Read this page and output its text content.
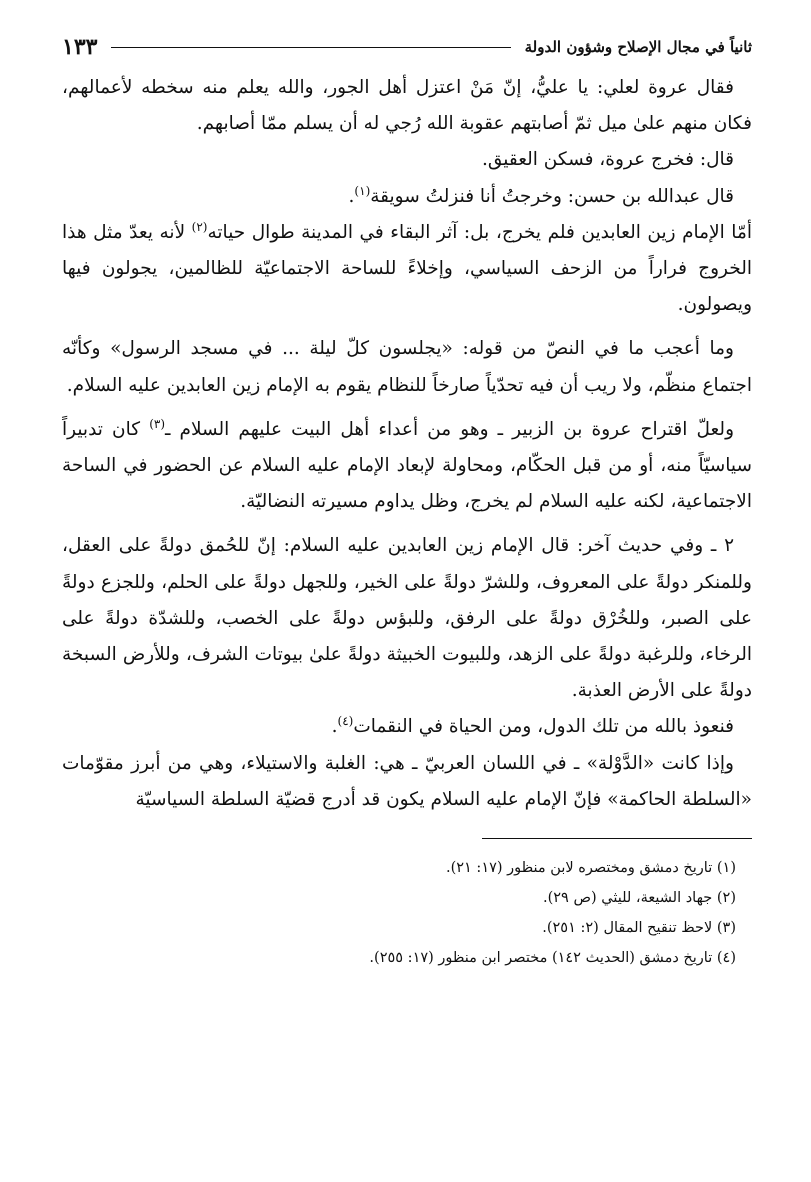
ثانياً في مجال الإصلاح وشؤون الدولة
١٣٣

فقال عروة لعلي: يا عليُّ، إنّ مَنْ اعتزل أهل الجور، والله يعلم منه سخطه لأعمالهم، فكان منهم علىٰ ميل ثمّ أصابتهم عقوبة الله رُجي له أن يسلم ممّا أصابهم.

قال: فخرج عروة، فسكن العقيق.

قال عبدالله بن حسن: وخرجتُ أنا فنزلتُ سويقة$^{(١)}$.

أمّا الإمام زين العابدين فلم يخرج، بل: آثر البقاء في المدينة طوال حياته$^{(٢)}$ لأنه يعدّ مثل هذا الخروج فراراً من الزحف السياسي، وإخلاءً للساحة الاجتماعيّة للظالمين، يجولون فيها ويصولون.

وما أعجب ما في النصّ من قوله: «يجلسون كلّ ليلة ... في مسجد الرسول» وكأنّه اجتماع منظّم، ولا ريب أن فيه تحدّياً صارخاً للنظام يقوم به الإمام زين العابدين عليه السلام.

ولعلّ اقتراح عروة بن الزبير ـ وهو من أعداء أهل البيت عليهم السلام ـ$^{(٣)}$ كان تدبيراً سياسيّاً منه، أو من قبل الحكّام، ومحاولة لإبعاد الإمام عليه السلام عن الحضور في الساحة الاجتماعية، لكنه عليه السلام لم يخرج، وظل يداوم مسيرته النضاليّة.

٢ ـ وفي حديث آخر: قال الإمام زين العابدين عليه السلام: إنّ للحُمق دولةً على العقل، وللمنكر دولةً على المعروف، وللشرّ دولةً على الخير، وللجهل دولةً على الحلم، وللجزع دولةً على الصبر، وللخُرْق دولةً على الرفق، وللبؤس دولةً على الخصب، وللشدّة دولةً على الرخاء، وللرغبة دولةً على الزهد، وللبيوت الخبيثة دولةً علىٰ بيوتات الشرف، وللأرض السبخة دولةً على الأرض العذبة.

فنعوذ بالله من تلك الدول، ومن الحياة في النقمات$^{(٤)}$.

وإذا كانت «الدَّوْلة» ـ في اللسان العربيّ ـ هي: الغلبة والاستيلاء، وهي من أبرز مقوّمات «السلطة الحاكمة» فإنّ الإمام عليه السلام يكون قد أدرج قضيّة السلطة السياسيّة

(١) تاريخ دمشق ومختصره لابن منظور (١٧: ٢١).

(٢) جهاد الشيعة، لليثي (ص ٢٩).

(٣) لاحظ تنقيح المقال (٢: ٢٥١).

(٤) تاريخ دمشق (الحديث ١٤٢) مختصر ابن منظور (١٧: ٢٥٥).
